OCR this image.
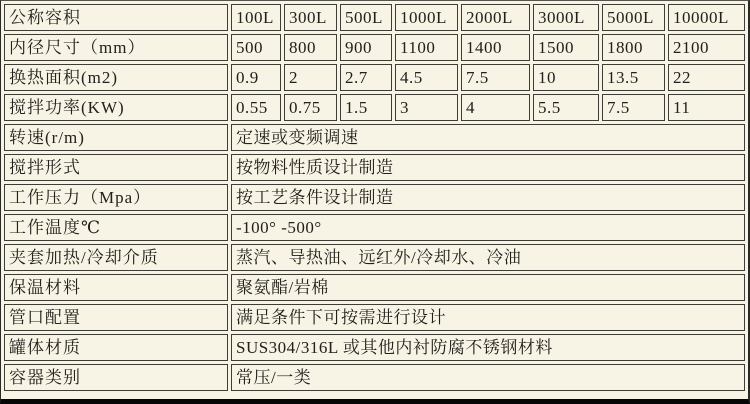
公称容积	100L	300L	500L	1000L	2000L	3000L	5000L	10000L
内径尺寸（mm）	500	800	900	1100	1400	1500	1800	2100
换热面积(m2)	0.9	2	2.7	4.5	7.5	10	13.5	22
搅拌功率(KW)	0.55	0.75	1.5	3	4	5.5	7.5	11
转速(r/m)	定速或变频调速							
搅拌形式	按物料性质设计制造							
工作压力（Mpa）	按工艺条件设计制造							
工作温度℃	-100° -500°							
夹套加热/冷却介质	蒸汽、导热油、远红外/冷却水、冷油							
保温材料	聚氨酯/岩棉							
管口配置	满足条件下可按需进行设计							
罐体材质	SUS304/316L 或其他内衬防腐不锈钢材料							
容器类别	常压/一类							
